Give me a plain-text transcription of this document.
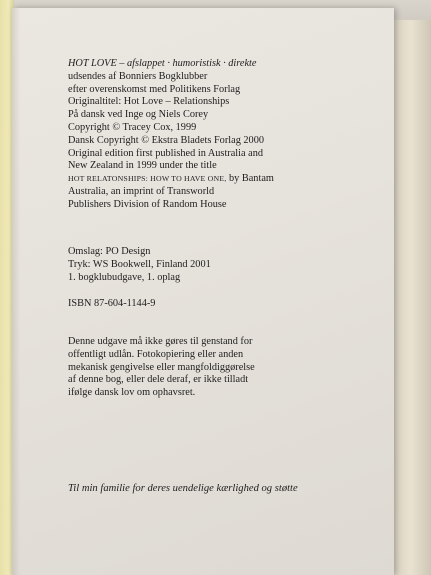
HOT LOVE – afslappet · humoristisk · direkte
udsendes af Bonniers Bogklubber
efter overenskomst med Politikens Forlag
Originaltitel: Hot Love – Relationships
På dansk ved Inge og Niels Corey
Copyright © Tracey Cox, 1999
Dansk Copyright © Ekstra Bladets Forlag 2000
Original edition first published in Australia and
New Zealand in 1999 under the title
HOT RELATONSHIPS: HOW TO HAVE ONE, by Bantam
Australia, an imprint of Transworld
Publishers Division of Random House
Omslag: PO Design
Tryk: WS Bookwell, Finland 2001
1. bogklubudgave, 1. oplag
ISBN 87-604-1144-9
Denne udgave må ikke gøres til genstand for
offentligt udlån. Fotokopiering eller anden
mekanisk gengivelse eller mangfoldiggørelse
af denne bog, eller dele deraf, er ikke tilladt
ifølge dansk lov om ophavsret.
Til min familie for deres uendelige kærlighed og støtte
